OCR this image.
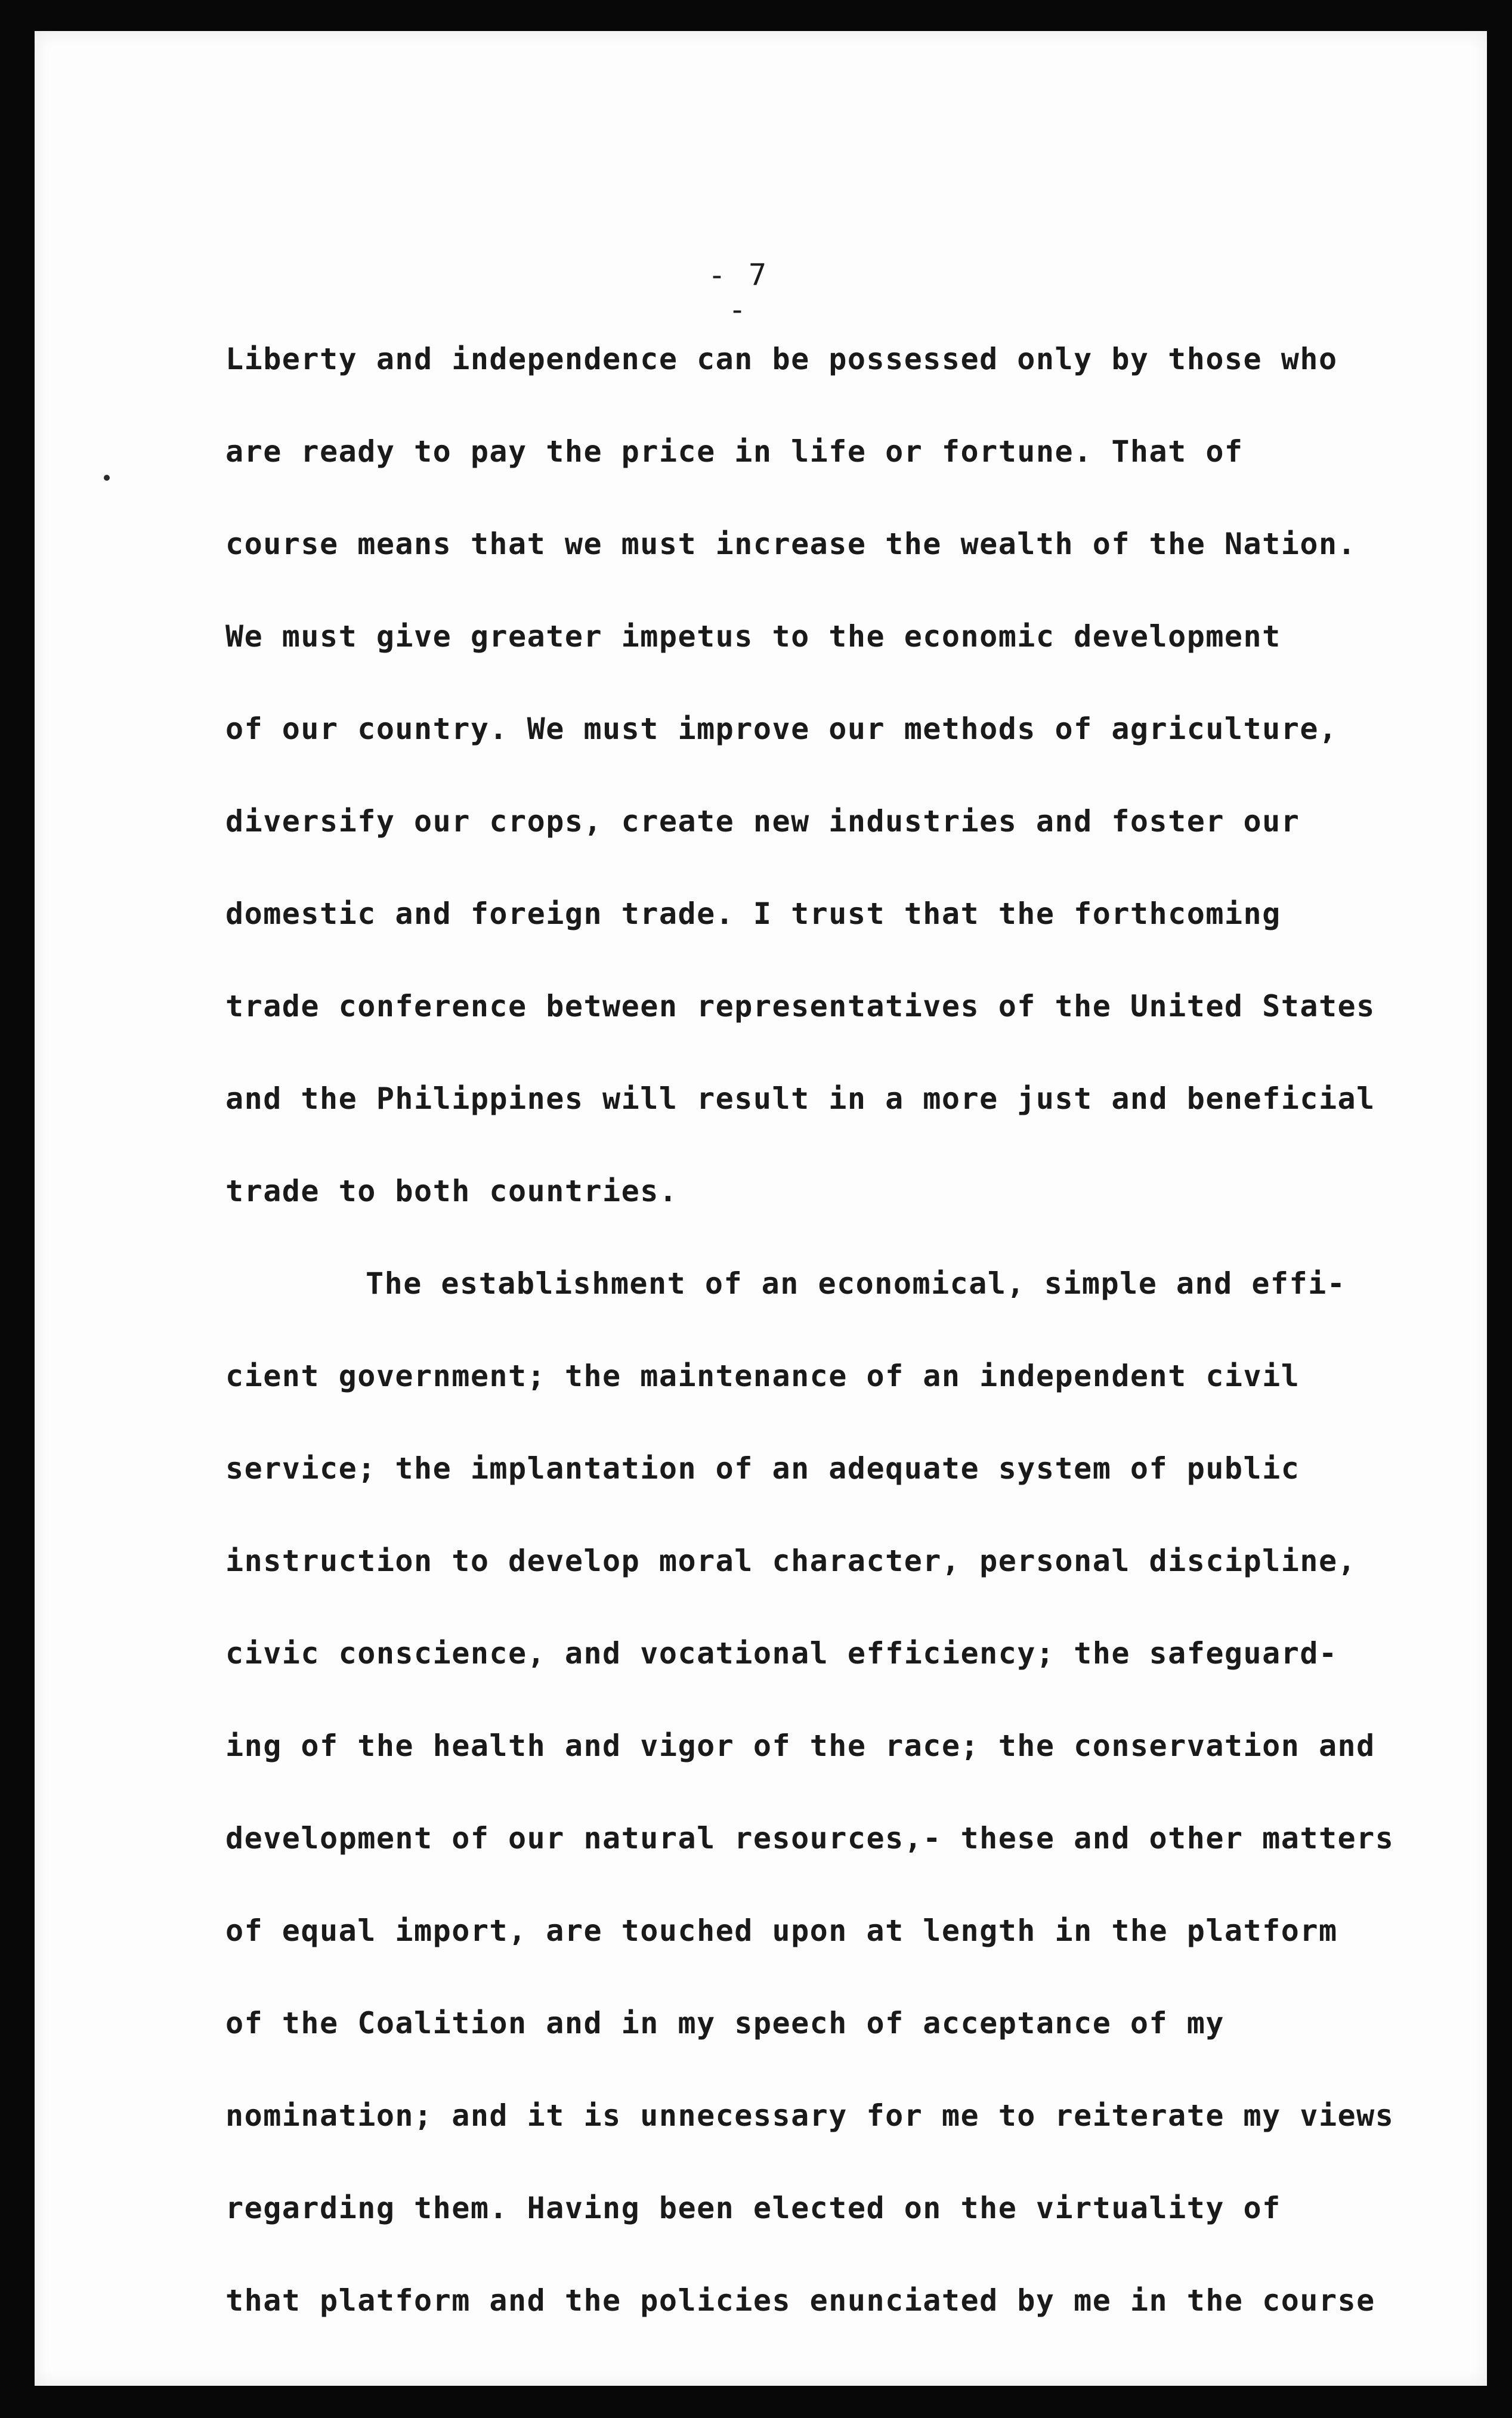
- 7 -
Liberty and independence can be possessed only by those who
are ready to pay the price in life or fortune. That of
course means that we must increase the wealth of the Nation.
We must give greater impetus to the economic development
of our country. We must improve our methods of agriculture,
diversify our crops, create new industries and foster our
domestic and foreign trade. I trust that the forthcoming
trade conference between representatives of the United States
and the Philippines will result in a more just and beneficial
trade to both countries.
The establishment of an economical, simple and effi-
cient government; the maintenance of an independent civil
service; the implantation of an adequate system of public
instruction to develop moral character, personal discipline,
civic conscience, and vocational efficiency; the safeguard-
ing of the health and vigor of the race; the conservation and
development of our natural resources,- these and other matters
of equal import, are touched upon at length in the platform
of the Coalition and in my speech of acceptance of my
nomination; and it is unnecessary for me to reiterate my views
regarding them. Having been elected on the virtuality of
that platform and the policies enunciated by me in the course
